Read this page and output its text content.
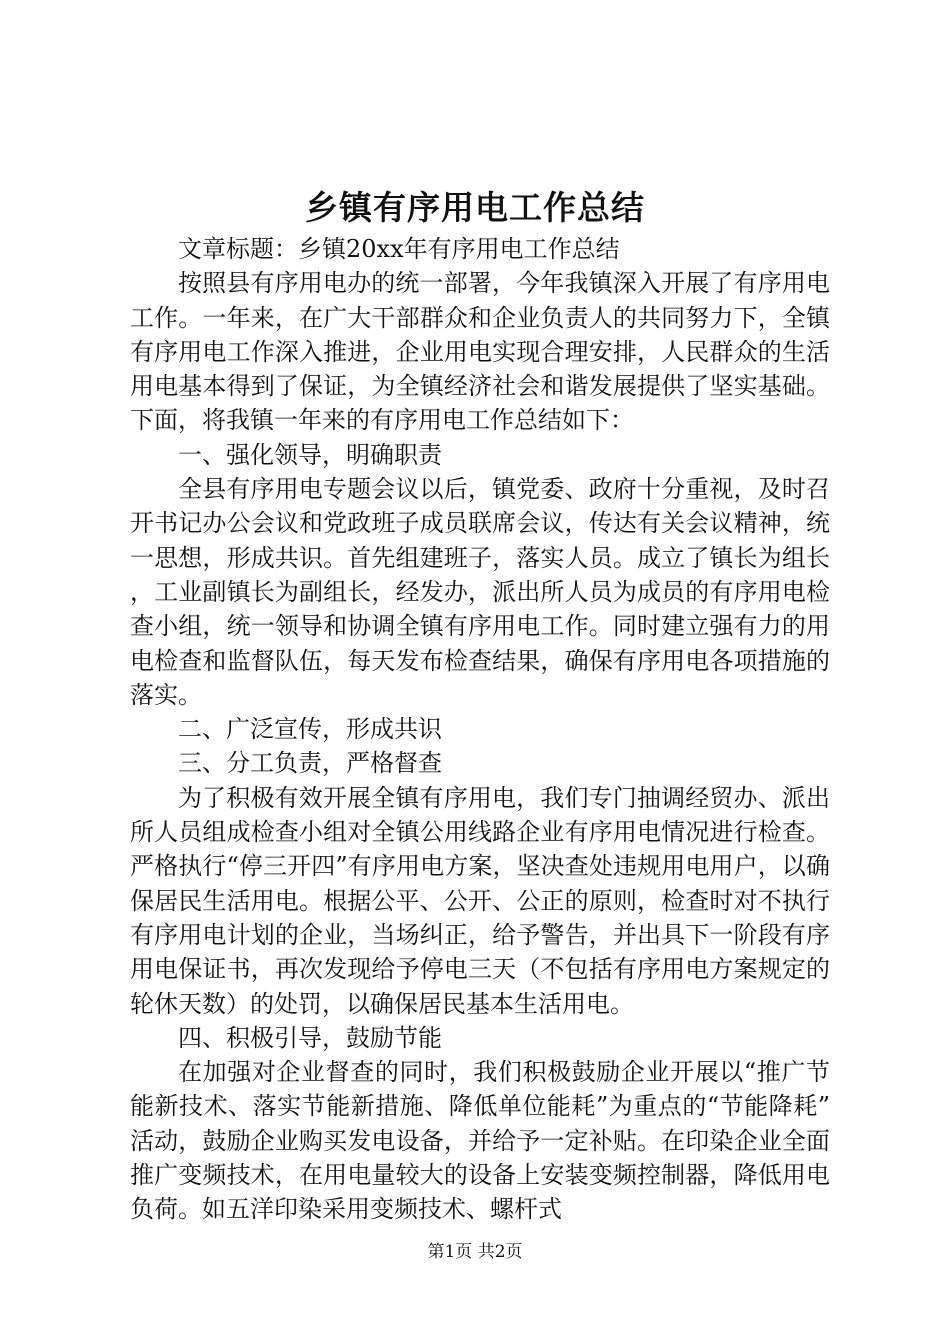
乡镇有序用电工作总结

文章标题：乡镇20xx年有序用电工作总结

按照县有序用电办的统一部署，今年我镇深入开展了有序用电工作。一年来，在广大干部群众和企业负责人的共同努力下，全镇有序用电工作深入推进，企业用电实现合理安排，人民群众的生活用电基本得到了保证，为全镇经济社会和谐发展提供了坚实基础。下面，将我镇一年来的有序用电工作总结如下：

一、强化领导，明确职责

全县有序用电专题会议以后，镇党委、政府十分重视，及时召开书记办公会议和党政班子成员联席会议，传达有关会议精神，统一思想，形成共识。首先组建班子，落实人员。成立了镇长为组长，工业副镇长为副组长，经发办，派出所人员为成员的有序用电检查小组，统一领导和协调全镇有序用电工作。同时建立强有力的用电检查和监督队伍，每天发布检查结果，确保有序用电各项措施的落实。

二、广泛宣传，形成共识

三、分工负责，严格督查

为了积极有效开展全镇有序用电，我们专门抽调经贸办、派出所人员组成检查小组对全镇公用线路企业有序用电情况进行检查。严格执行“停三开四”有序用电方案，坚决查处违规用电用户，以确保居民生活用电。根据公平、公开、公正的原则，检查时对不执行有序用电计划的企业，当场纠正，给予警告，并出具下一阶段有序用电保证书，再次发现给予停电三天（不包括有序用电方案规定的轮休天数）的处罚，以确保居民基本生活用电。

四、积极引导，鼓励节能

在加强对企业督查的同时，我们积极鼓励企业开展以“推广节能新技术、落实节能新措施、降低单位能耗”为重点的“节能降耗”活动，鼓励企业购买发电设备，并给予一定补贴。在印染企业全面推广变频技术，在用电量较大的设备上安装变频控制器，降低用电负荷。如五洋印染采用变频技术、螺杆式

第1页 共2页
